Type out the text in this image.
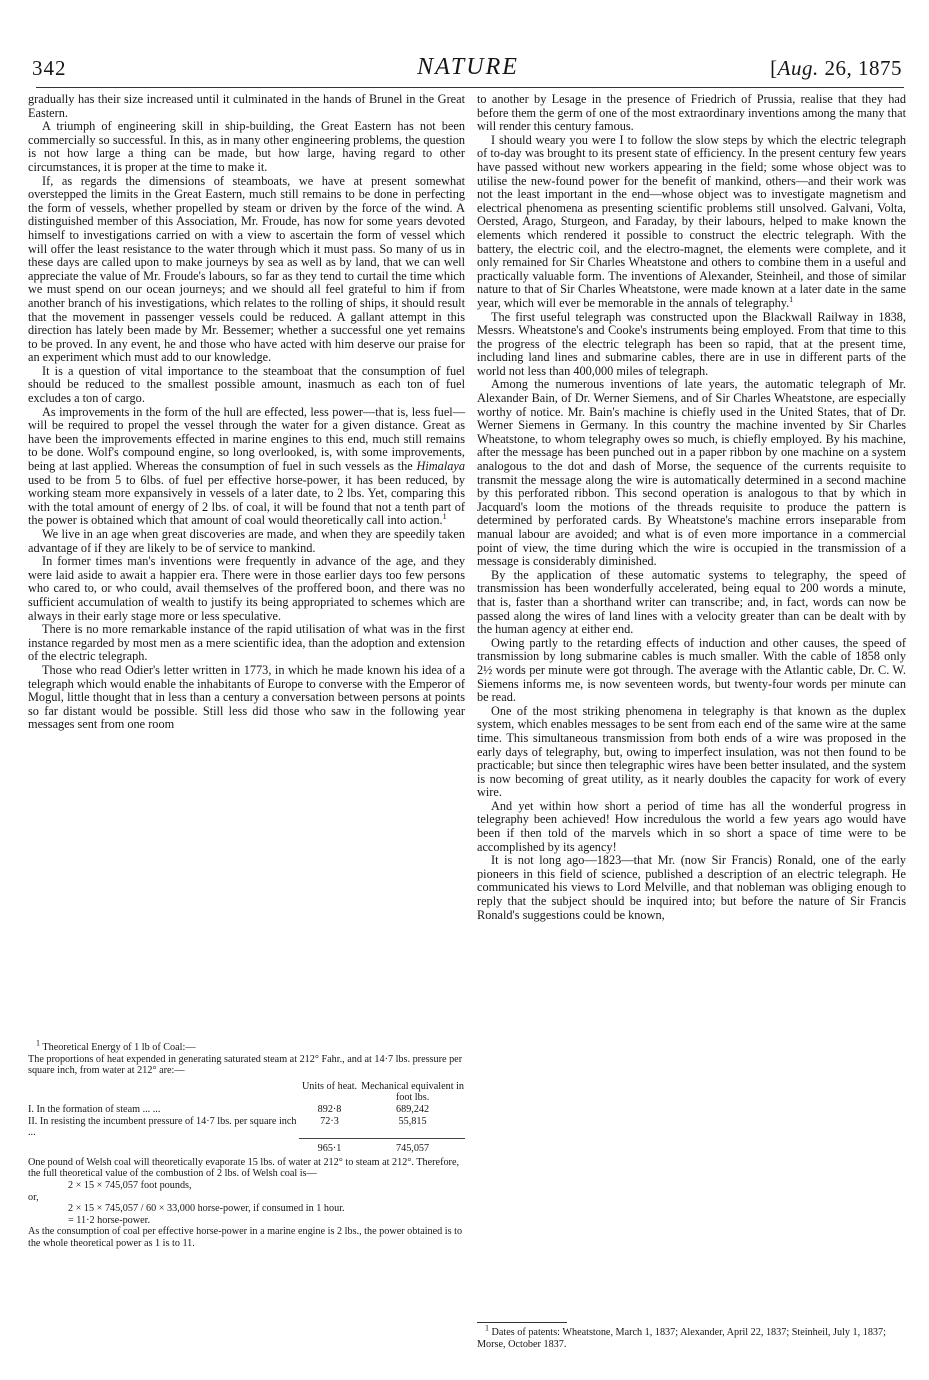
342	NATURE	[Aug. 26, 1875

gradually has their size increased until it culminated in the hands of Brunel in the Great Eastern.

A triumph of engineering skill in ship-building, the Great Eastern has not been commercially so successful. In this, as in many other engineering problems, the question is not how large a thing can be made, but how large, having regard to other circumstances, it is proper at the time to make it.

If, as regards the dimensions of steamboats, we have at present somewhat overstepped the limits in the Great Eastern, much still remains to be done in perfecting the form of vessels, whether propelled by steam or driven by the force of the wind. A distinguished member of this Association, Mr. Froude, has now for some years devoted himself to investigations carried on with a view to ascertain the form of vessel which will offer the least resistance to the water through which it must pass. So many of us in these days are called upon to make journeys by sea as well as by land, that we can well appreciate the value of Mr. Froude's labours, so far as they tend to curtail the time which we must spend on our ocean journeys; and we should all feel grateful to him if from another branch of his investigations, which relates to the rolling of ships, it should result that the movement in passenger vessels could be reduced. A gallant attempt in this direction has lately been made by Mr. Bessemer; whether a successful one yet remains to be proved. In any event, he and those who have acted with him deserve our praise for an experiment which must add to our knowledge.

It is a question of vital importance to the steamboat that the consumption of fuel should be reduced to the smallest possible amount, inasmuch as each ton of fuel excludes a ton of cargo.

As improvements in the form of the hull are effected, less power—that is, less fuel—will be required to propel the vessel through the water for a given distance. Great as have been the improvements effected in marine engines to this end, much still remains to be done. Wolf's compound engine, so long overlooked, is, with some improvements, being at last applied. Whereas the consumption of fuel in such vessels as the Himalaya used to be from 5 to 6lbs. of fuel per effective horse-power, it has been reduced, by working steam more expansively in vessels of a later date, to 2 lbs. Yet, comparing this with the total amount of energy of 2 lbs. of coal, it will be found that not a tenth part of the power is obtained which that amount of coal would theoretically call into action.$^1$

We live in an age when great discoveries are made, and when they are speedily taken advantage of if they are likely to be of service to mankind.

In former times man's inventions were frequently in advance of the age, and they were laid aside to await a happier era. There were in those earlier days too few persons who cared to, or who could, avail themselves of the proffered boon, and there was no sufficient accumulation of wealth to justify its being appropriated to schemes which are always in their early stage more or less speculative.

There is no more remarkable instance of the rapid utilisation of what was in the first instance regarded by most men as a mere scientific idea, than the adoption and extension of the electric telegraph.

Those who read Odier's letter written in 1773, in which he made known his idea of a telegraph which would enable the inhabitants of Europe to converse with the Emperor of Mogul, little thought that in less than a century a conversation between persons at points so far distant would be possible. Still less did those who saw in the following year messages sent from one room

$^1$ Theoretical Energy of 1 lb of Coal:—

The proportions of heat expended in generating saturated steam at 212° Fahr., and at 14·7 lbs. pressure per square inch, from water at 212° are:—

	Units of heat.	Mechanical equivalent in foot lbs.
I. In the formation of steam ... ...	892·8	689,242
II. In resisting the incumbent pressure of 14·7 lbs. per square inch ...	72·3	55,815
	965·1	745,057

One pound of Welsh coal will theoretically evaporate 15 lbs. of water at 212° to steam at 212°. Therefore, the full theoretical value of the combustion of 2 lbs. of Welsh coal is—

2 × 15 × 745,057 foot pounds,

or,

2 × 15 × 745,057 / 60 × 33,000 horse-power, if consumed in 1 hour.

= 11·2 horse-power.

As the consumption of coal per effective horse-power in a marine engine is 2 lbs., the power obtained is to the whole theoretical power as 1 is to 11.

to another by Lesage in the presence of Friedrich of Prussia, realise that they had before them the germ of one of the most extraordinary inventions among the many that will render this century famous.

I should weary you were I to follow the slow steps by which the electric telegraph of to-day was brought to its present state of efficiency. In the present century few years have passed without new workers appearing in the field; some whose object was to utilise the new-found power for the benefit of mankind, others—and their work was not the least important in the end—whose object was to investigate magnetism and electrical phenomena as presenting scientific problems still unsolved. Galvani, Volta, Oersted, Arago, Sturgeon, and Faraday, by their labours, helped to make known the elements which rendered it possible to construct the electric telegraph. With the battery, the electric coil, and the electro-magnet, the elements were complete, and it only remained for Sir Charles Wheatstone and others to combine them in a useful and practically valuable form. The inventions of Alexander, Steinheil, and those of similar nature to that of Sir Charles Wheatstone, were made known at a later date in the same year, which will ever be memorable in the annals of telegraphy.$^1$

The first useful telegraph was constructed upon the Blackwall Railway in 1838, Messrs. Wheatstone's and Cooke's instruments being employed. From that time to this the progress of the electric telegraph has been so rapid, that at the present time, including land lines and submarine cables, there are in use in different parts of the world not less than 400,000 miles of telegraph.

Among the numerous inventions of late years, the automatic telegraph of Mr. Alexander Bain, of Dr. Werner Siemens, and of Sir Charles Wheatstone, are especially worthy of notice. Mr. Bain's machine is chiefly used in the United States, that of Dr. Werner Siemens in Germany. In this country the machine invented by Sir Charles Wheatstone, to whom telegraphy owes so much, is chiefly employed. By his machine, after the message has been punched out in a paper ribbon by one machine on a system analogous to the dot and dash of Morse, the sequence of the currents requisite to transmit the message along the wire is automatically determined in a second machine by this perforated ribbon. This second operation is analogous to that by which in Jacquard's loom the motions of the threads requisite to produce the pattern is determined by perforated cards. By Wheatstone's machine errors inseparable from manual labour are avoided; and what is of even more importance in a commercial point of view, the time during which the wire is occupied in the transmission of a message is considerably diminished.

By the application of these automatic systems to telegraphy, the speed of transmission has been wonderfully accelerated, being equal to 200 words a minute, that is, faster than a shorthand writer can transcribe; and, in fact, words can now be passed along the wires of land lines with a velocity greater than can be dealt with by the human agency at either end.

Owing partly to the retarding effects of induction and other causes, the speed of transmission by long submarine cables is much smaller. With the cable of 1858 only 2½ words per minute were got through. The average with the Atlantic cable, Dr. C. W. Siemens informs me, is now seventeen words, but twenty-four words per minute can be read.

One of the most striking phenomena in telegraphy is that known as the duplex system, which enables messages to be sent from each end of the same wire at the same time. This simultaneous transmission from both ends of a wire was proposed in the early days of telegraphy, but, owing to imperfect insulation, was not then found to be practicable; but since then telegraphic wires have been better insulated, and the system is now becoming of great utility, as it nearly doubles the capacity for work of every wire.

And yet within how short a period of time has all the wonderful progress in telegraphy been achieved! How incredulous the world a few years ago would have been if then told of the marvels which in so short a space of time were to be accomplished by its agency!

It is not long ago—1823—that Mr. (now Sir Francis) Ronald, one of the early pioneers in this field of science, published a description of an electric telegraph. He communicated his views to Lord Melville, and that nobleman was obliging enough to reply that the subject should be inquired into; but before the nature of Sir Francis Ronald's suggestions could be known,

$^1$ Dates of patents: Wheatstone, March 1, 1837; Alexander, April 22, 1837; Steinheil, July 1, 1837; Morse, October 1837.
